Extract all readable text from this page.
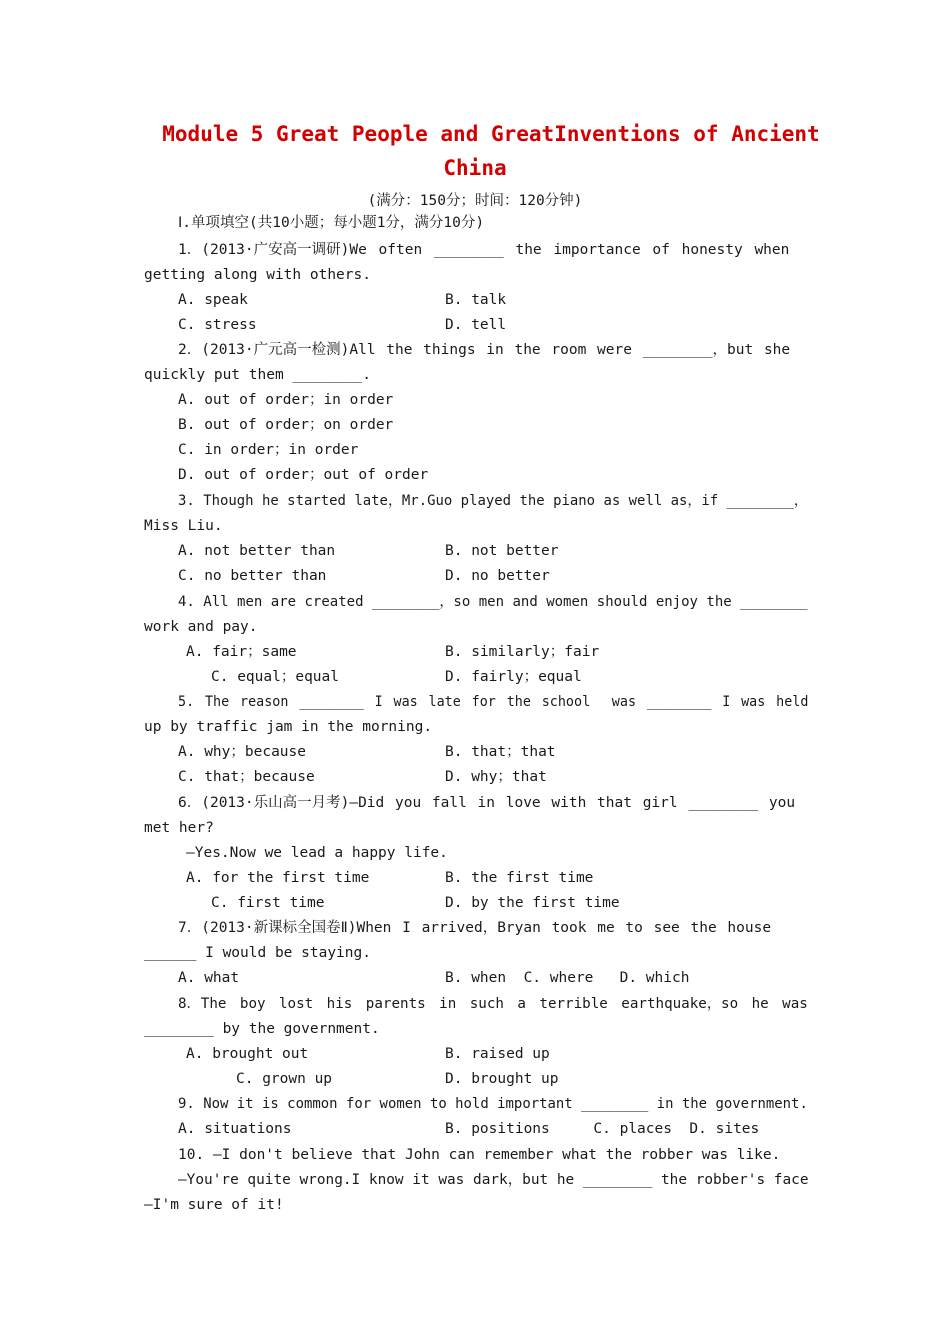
Module 5 Great People and GreatInventions of Ancient
China
(满分：150分；时间：120分钟)
Ⅰ.单项填空(共10小题；每小题1分，满分10分)
1．(2013·广安高一调研)We often ________ the importance of honesty when
getting along with others.
A. speak	B. talk
C. stress	D. tell
2．(2013·广元高一检测)All the things in the room were ________，but she
quickly put them ________.
A. out of order；in order
B. out of order；on order
C. in order；in order
D. out of order；out of order
3. Though he started late，Mr.Guo played the piano as well as，if ________，
Miss Liu.
A. not better than	B. not better
C. no better than	D. no better
4. All men are created ________，so men and women should enjoy the ________
work and pay.
A. fair；same	B. similarly；fair
C. equal；equal	D. fairly；equal
5. The reason ________ I was late for the school  was ________ I was held
up by traffic jam in the morning.
A. why；because	B. that；that
C. that；because	D. why；that
6．(2013·乐山高一月考)—Did you fall in love with that girl ________ you
met her?
—Yes.Now we lead a happy life.
A. for the first time	B. the first time
C. first time	D. by the first time
7．(2013·新课标全国卷Ⅱ)When I arrived，Bryan took me to see the house
______ I would be staying.
A. what	B. when  C. where   D. which
8．The boy lost his parents in such a terrible earthquake，so he was
________ by the government.
A. brought out	B. raised up
C. grown up	D. brought up
9. Now it is common for women to hold important ________ in the government.
A. situations	B. positions     C. places  D. sites
10. —I don't believe that John can remember what the robber was like.
—You're quite wrong.I know it was dark，but he ________ the robber's face
—I'm sure of it!
